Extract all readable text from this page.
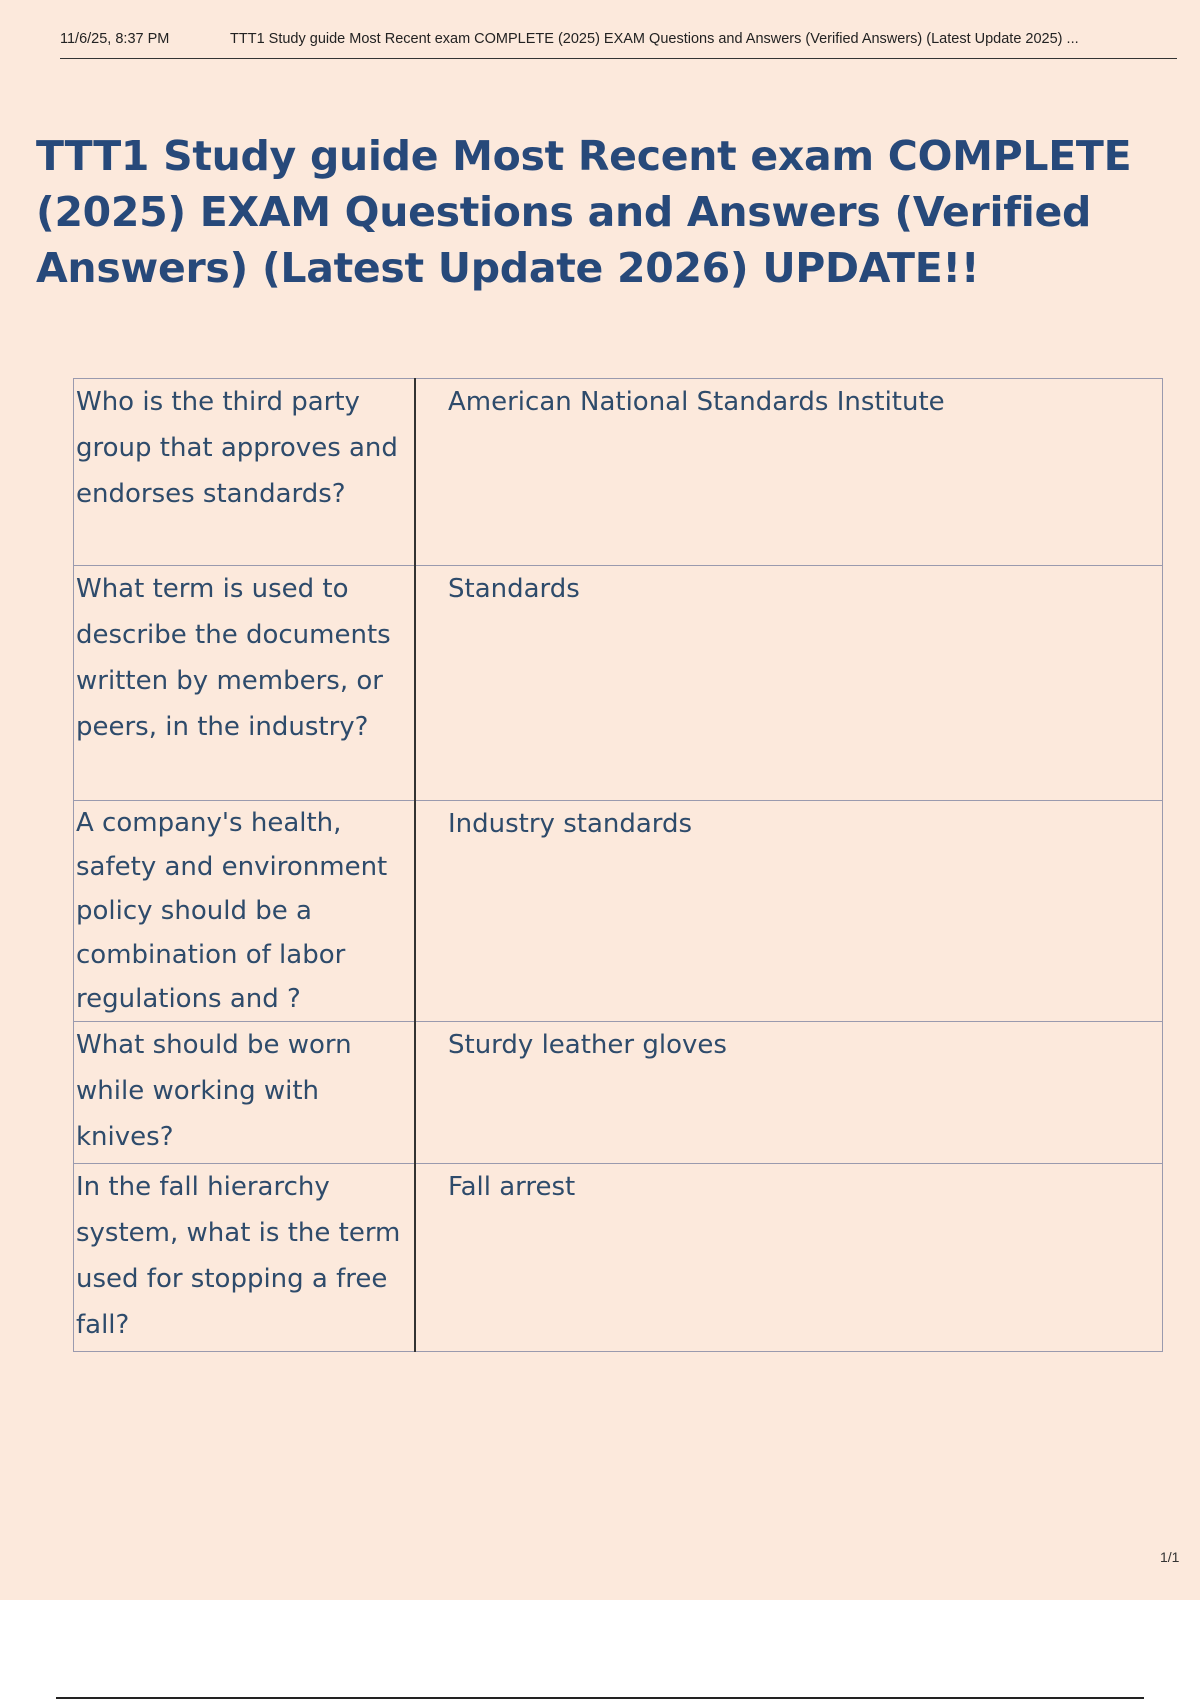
11/6/25, 8:37 PM	TTT1 Study guide Most Recent exam COMPLETE (2025) EXAM Questions and Answers (Verified Answers) (Latest Update 2025) ...
TTT1 Study guide Most Recent exam COMPLETE (2025) EXAM Questions and Answers (Verified Answers) (Latest Update 2026) UPDATE!!
Who is the third party group that approves and endorses standards?	American National Standards Institute
What term is used to describe the documents written by members, or peers, in the industry?	Standards
A company's health, safety and environment policy should be a combination of labor regulations and ?	Industry standards
What should be worn while working with knives?	Sturdy leather gloves
In the fall hierarchy system, what is the term used for stopping a free fall?	Fall arrest
1/1
